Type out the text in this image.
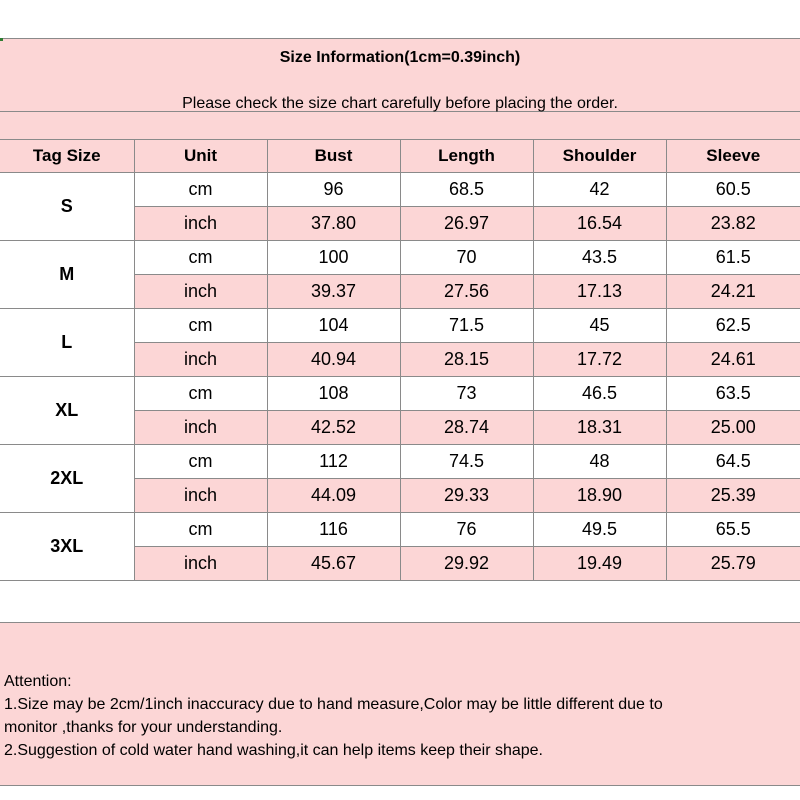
Size Information(1cm=0.39inch)
Please check the size chart carefully before placing the order.
Tag Size	Unit	Bust	Length	Shoulder	Sleeve
S	cm	96	68.5	42	60.5
	inch	37.80	26.97	16.54	23.82
M	cm	100	70	43.5	61.5
	inch	39.37	27.56	17.13	24.21
L	cm	104	71.5	45	62.5
	inch	40.94	28.15	17.72	24.61
XL	cm	108	73	46.5	63.5
	inch	42.52	28.74	18.31	25.00
2XL	cm	112	74.5	48	64.5
	inch	44.09	29.33	18.90	25.39
3XL	cm	116	76	49.5	65.5
	inch	45.67	29.92	19.49	25.79
Attention:
1.Size may be 2cm/1inch inaccuracy due to hand measure,Color may be little different due to
monitor ,thanks for your understanding.
2.Suggestion of cold water hand washing,it can help items keep their shape.
